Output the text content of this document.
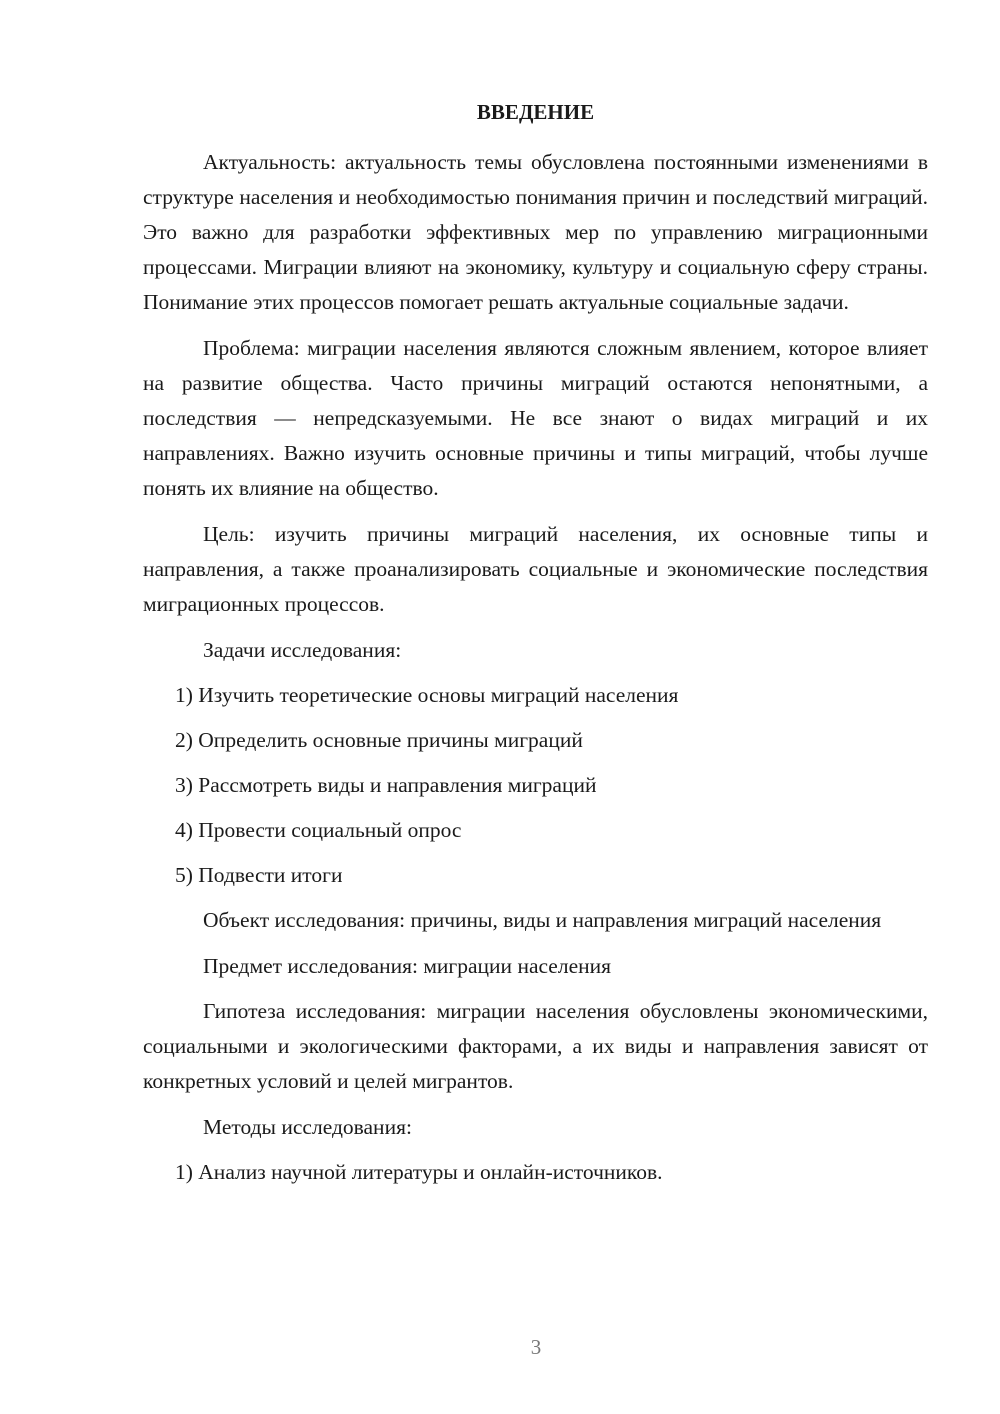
ВВЕДЕНИЕ

Актуальность: актуальность темы обусловлена постоянными изменениями в структуре населения и необходимостью понимания причин и последствий миграций. Это важно для разработки эффективных мер по управлению миграционными процессами. Миграции влияют на экономику, культуру и социальную сферу страны. Понимание этих процессов помогает решать актуальные социальные задачи.

Проблема: миграции населения являются сложным явлением, которое влияет на развитие общества. Часто причины миграций остаются непонятными, а последствия — непредсказуемыми. Не все знают о видах миграций и их направлениях. Важно изучить основные причины и типы миграций, чтобы лучше понять их влияние на общество.

Цель: изучить причины миграций населения, их основные типы и направления, а также проанализировать социальные и экономические последствия миграционных процессов.

Задачи исследования:

1) Изучить теоретические основы миграций населения
2) Определить основные причины миграций
3) Рассмотреть виды и направления миграций
4) Провести социальный опрос
5) Подвести итоги

Объект исследования: причины, виды и направления миграций населения

Предмет исследования: миграции населения

Гипотеза исследования: миграции населения обусловлены экономическими, социальными и экологическими факторами, а их виды и направления зависят от конкретных условий и целей мигрантов.

Методы исследования:

1) Анализ научной литературы и онлайн-источников.
3
